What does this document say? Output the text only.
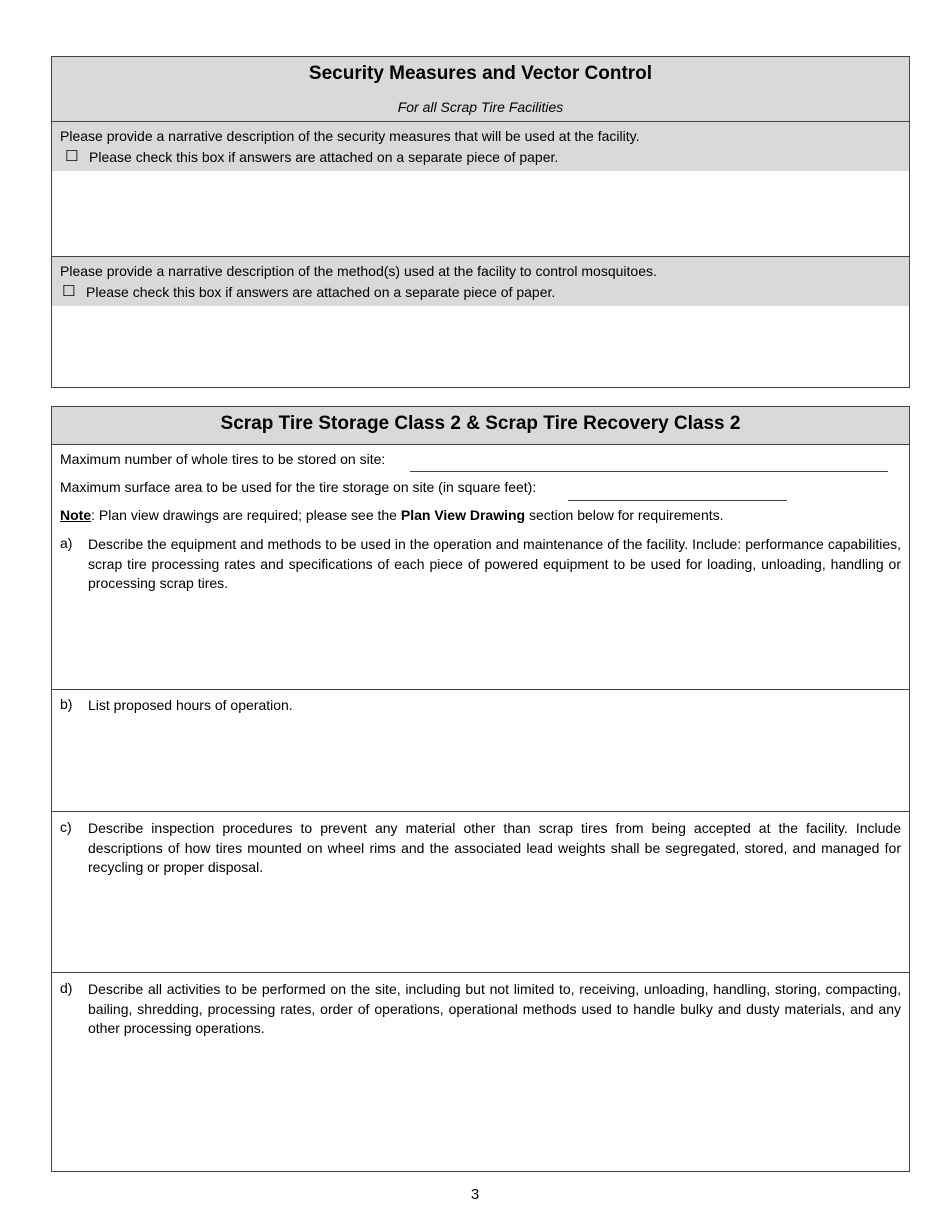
Security Measures and Vector Control
For all Scrap Tire Facilities
Please provide a narrative description of the security measures that will be used at the facility.
☐ Please check this box if answers are attached on a separate piece of paper.
Please provide a narrative description of the method(s) used at the facility to control mosquitoes.
☐ Please check this box if answers are attached on a separate piece of paper.
Scrap Tire Storage Class 2 & Scrap Tire Recovery Class 2
Maximum number of whole tires to be stored on site:
Maximum surface area to be used for the tire storage on site (in square feet):
Note: Plan view drawings are required; please see the Plan View Drawing section below for requirements.
a) Describe the equipment and methods to be used in the operation and maintenance of the facility. Include: performance capabilities, scrap tire processing rates and specifications of each piece of powered equipment to be used for loading, unloading, handling or processing scrap tires.
b) List proposed hours of operation.
c) Describe inspection procedures to prevent any material other than scrap tires from being accepted at the facility. Include descriptions of how tires mounted on wheel rims and the associated lead weights shall be segregated, stored, and managed for recycling or proper disposal.
d) Describe all activities to be performed on the site, including but not limited to, receiving, unloading, handling, storing, compacting, bailing, shredding, processing rates, order of operations, operational methods used to handle bulky and dusty materials, and any other processing operations.
3
